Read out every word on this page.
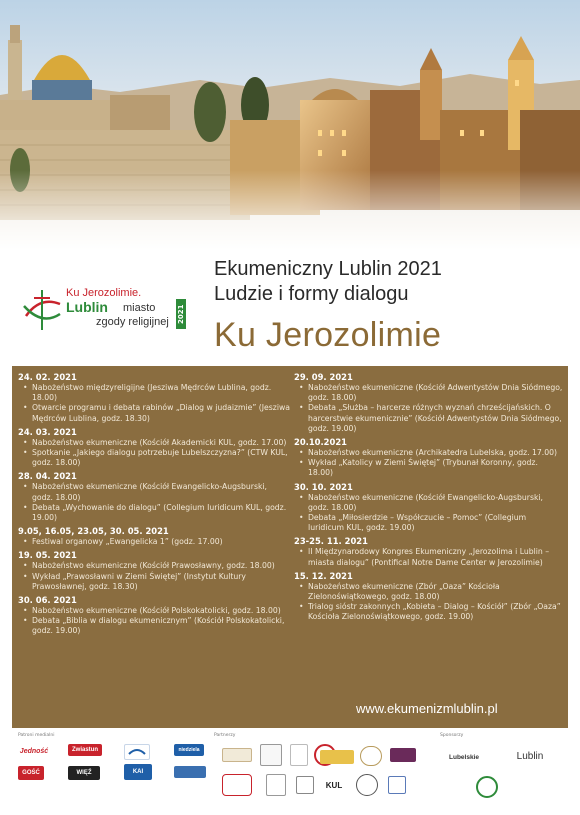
Ku Jerozolimie.
Lublin miasto
zgody religijnej 2021
Ekumeniczny Lublin 2021
Ludzie i formy dialogu
Ku Jerozolimie
24. 02. 2021
• Nabożeństwo międzyreligijne (Jesziwa Mędrców Lublina, godz. 18.00)
• Otwarcie programu i debata rabinów „Dialog w judaizmie” (Jesziwa Mędrców Lublina, godz. 18.30)
24. 03. 2021
• Nabożeństwo ekumeniczne (Kościół Akademicki KUL, godz. 17.00)
• Spotkanie „Jakiego dialogu potrzebuje Lubelszczyzna?” (CTW KUL, godz. 18.00)
28. 04. 2021
• Nabożeństwo ekumeniczne (Kościół Ewangelicko-Augsburski, godz. 18.00)
• Debata „Wychowanie do dialogu” (Collegium Iuridicum KUL, godz. 19.00)
9.05, 16.05, 23.05, 30. 05. 2021
• Festiwal organowy „Ewangelicka 1” (godz. 17.00)
19. 05. 2021
• Nabożeństwo ekumeniczne (Kościół Prawosławny, godz. 18.00)
• Wykład „Prawosławni w Ziemi Świętej” (Instytut Kultury Prawosławnej, godz. 18.30)
30. 06. 2021
• Nabożeństwo ekumeniczne (Kościół Polskokatolicki, godz. 18.00)
• Debata „Biblia w dialogu ekumenicznym” (Kościół Polskokatolicki, godz. 19.00)
29. 09. 2021
• Nabożeństwo ekumeniczne (Kościół Adwentystów Dnia Siódmego, godz. 18.00)
• Debata „Służba – harcerze różnych wyznań chrześcijańskich. O harcerstwie ekumenicznie” (Kościół Adwentystów Dnia Siódmego, godz. 19.00)
20.10.2021
• Nabożeństwo ekumeniczne (Archikatedra Lubelska, godz. 17.00)
• Wykład „Katolicy w Ziemi Świętej” (Trybunał Koronny, godz. 18.00)
30. 10. 2021
• Nabożeństwo ekumeniczne (Kościół Ewangelicko-Augsburski, godz. 18.00)
• Debata „Miłosierdzie – Współczucie – Pomoc” (Collegium Iuridicum KUL, godz. 19.00)
23-25. 11. 2021
• II Międzynarodowy Kongres Ekumeniczny „Jerozolima i Lublin – miasta dialogu” (Pontifical Notre Dame Center w Jerozolimie)
15. 12. 2021
• Nabożeństwo ekumeniczne (Zbór „Oaza” Kościoła Zielonoświątkowego, godz. 18.00)
• Trialog sióstr zakonnych „Kobieta – Dialog – Kościół” (Zbór „Oaza” Kościoła Zielonoświątkowego, godz. 19.00)
www.ekumenizmlublin.pl
Patroni medialni	Partnerzy	Sponsorzy
Jedność	Zwiastun
GOŚĆ	WIĘŹ	KAI
niedziela
KUL
Lubelskie	Lublin
